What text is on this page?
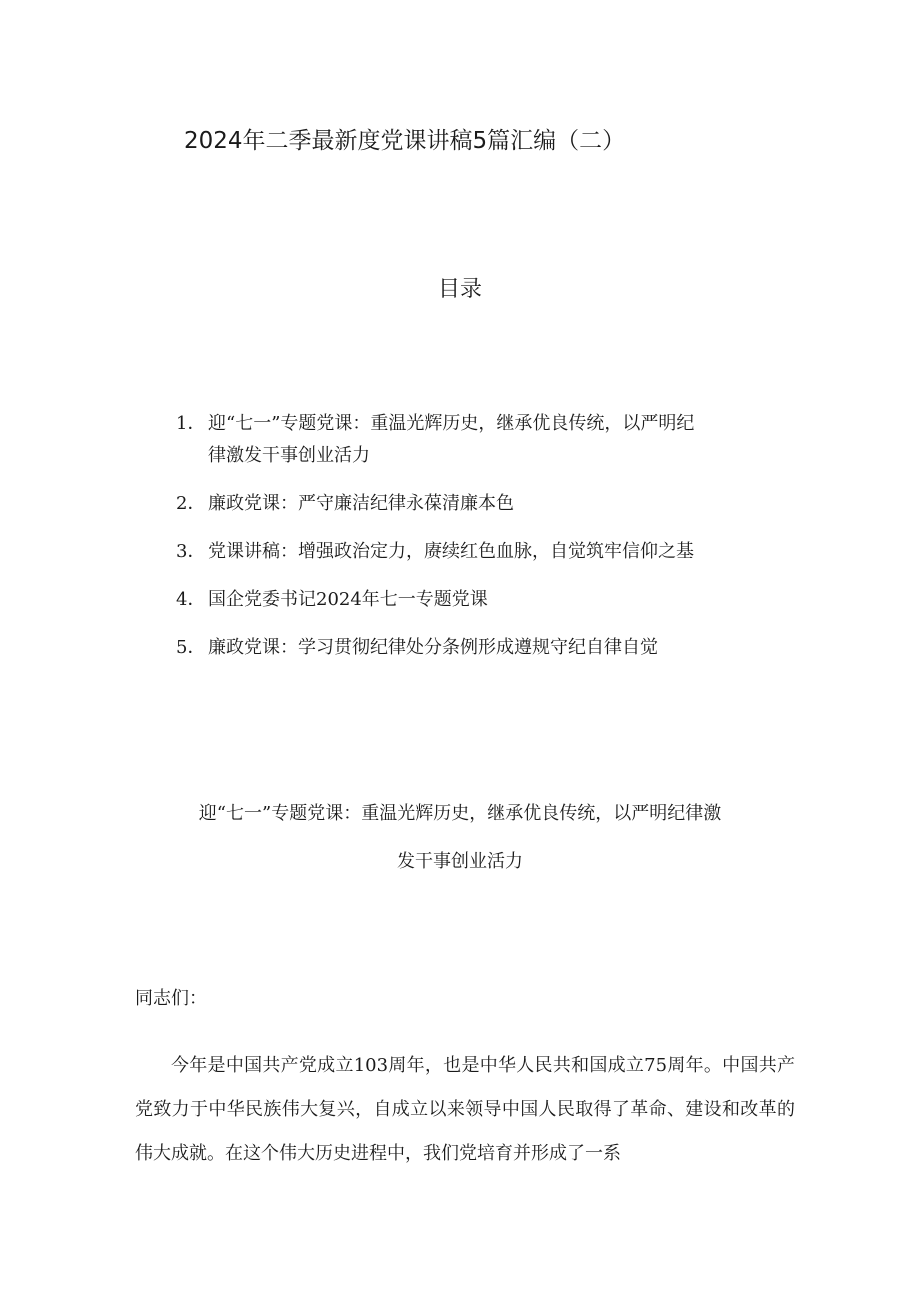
2024年二季最新度党课讲稿5篇汇编（二）
目录
1． 迎“七一”专题党课：重温光辉历史，继承优良传统，以严明纪
律激发干事创业活力
2． 廉政党课：严守廉洁纪律永葆清廉本色
3． 党课讲稿：增强政治定力，赓续红色血脉，自觉筑牢信仰之基
4． 国企党委书记2024年七一专题党课
5． 廉政党课：学习贯彻纪律处分条例形成遵规守纪自律自觉
迎“七一”专题党课：重温光辉历史，继承优良传统，以严明纪律激
发干事创业活力
同志们：
今年是中国共产党成立103周年，也是中华人民共和国成立75周年。中国共产党致力于中华民族伟大复兴，自成立以来领导中国人民取得了革命、建设和改革的伟大成就。在这个伟大历史进程中，我们党培育并形成了一系
